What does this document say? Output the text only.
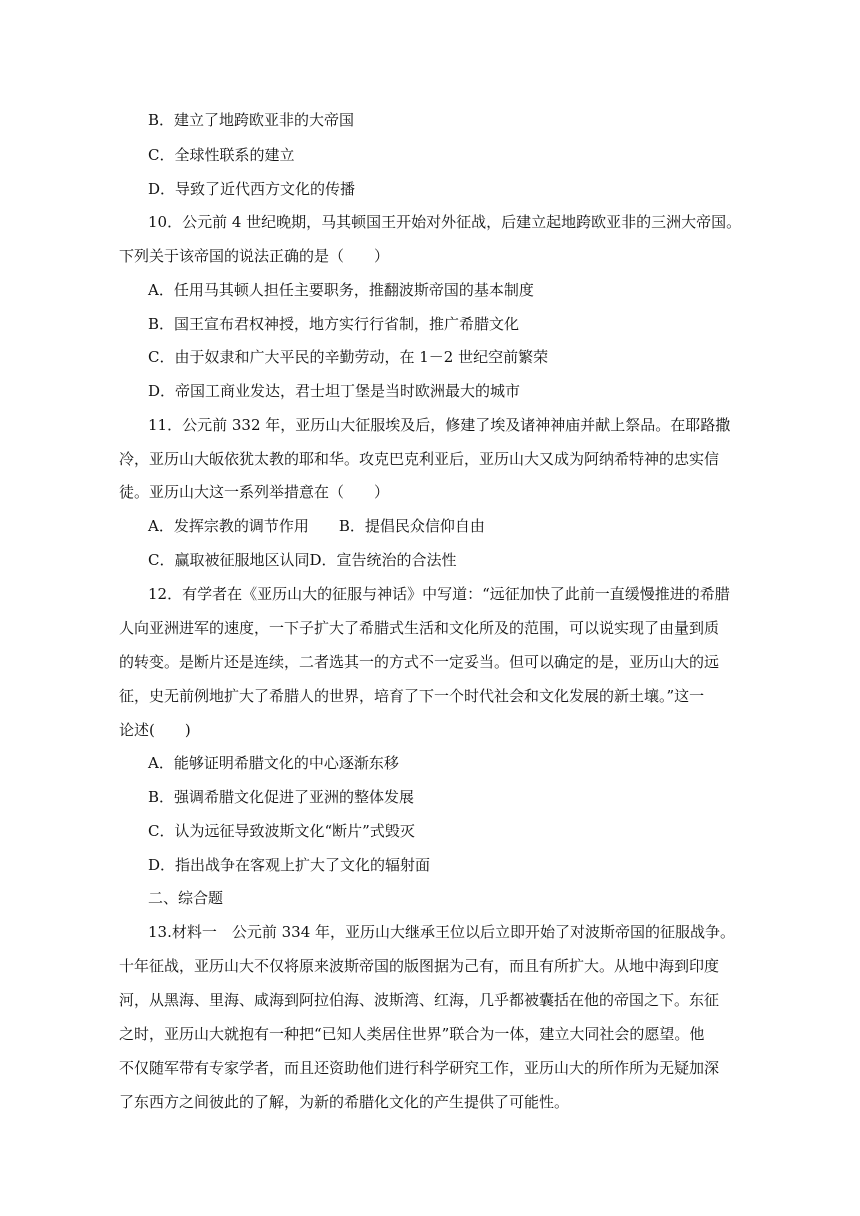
B．建立了地跨欧亚非的大帝国
C．全球性联系的建立
D．导致了近代西方文化的传播
10．公元前 4 世纪晚期，马其顿国王开始对外征战，后建立起地跨欧亚非的三洲大帝国。
下列关于该帝国的说法正确的是（　　）
A．任用马其顿人担任主要职务，推翻波斯帝国的基本制度
B．国王宣布君权神授，地方实行行省制，推广希腊文化
C．由于奴隶和广大平民的辛勤劳动，在 1－2 世纪空前繁荣
D．帝国工商业发达，君士坦丁堡是当时欧洲最大的城市
11．公元前 332 年，亚历山大征服埃及后，修建了埃及诸神神庙并献上祭品。在耶路撒
冷，亚历山大皈依犹太教的耶和华。攻克巴克利亚后，亚历山大又成为阿纳希特神的忠实信
徒。亚历山大这一系列举措意在（　　）
A．发挥宗教的调节作用　　B．提倡民众信仰自由
C．赢取被征服地区认同D．宣告统治的合法性
12．有学者在《亚历山大的征服与神话》中写道：“远征加快了此前一直缓慢推进的希腊
人向亚洲进军的速度，一下子扩大了希腊式生活和文化所及的范围，可以说实现了由量到质
的转变。是断片还是连续，二者选其一的方式不一定妥当。但可以确定的是，亚历山大的远
征，史无前例地扩大了希腊人的世界，培育了下一个时代社会和文化发展的新土壤。”这一
论述(　　)
A．能够证明希腊文化的中心逐渐东移
B．强调希腊文化促进了亚洲的整体发展
C．认为远征导致波斯文化“断片”式毁灭
D．指出战争在客观上扩大了文化的辐射面
二、综合题
13.材料一　公元前 334 年，亚历山大继承王位以后立即开始了对波斯帝国的征服战争。
十年征战，亚历山大不仅将原来波斯帝国的版图据为己有，而且有所扩大。从地中海到印度
河，从黑海、里海、咸海到阿拉伯海、波斯湾、红海，几乎都被囊括在他的帝国之下。东征
之时，亚历山大就抱有一种把“已知人类居住世界”联合为一体，建立大同社会的愿望。他
不仅随军带有专家学者，而且还资助他们进行科学研究工作，亚历山大的所作所为无疑加深
了东西方之间彼此的了解，为新的希腊化文化的产生提供了可能性。
